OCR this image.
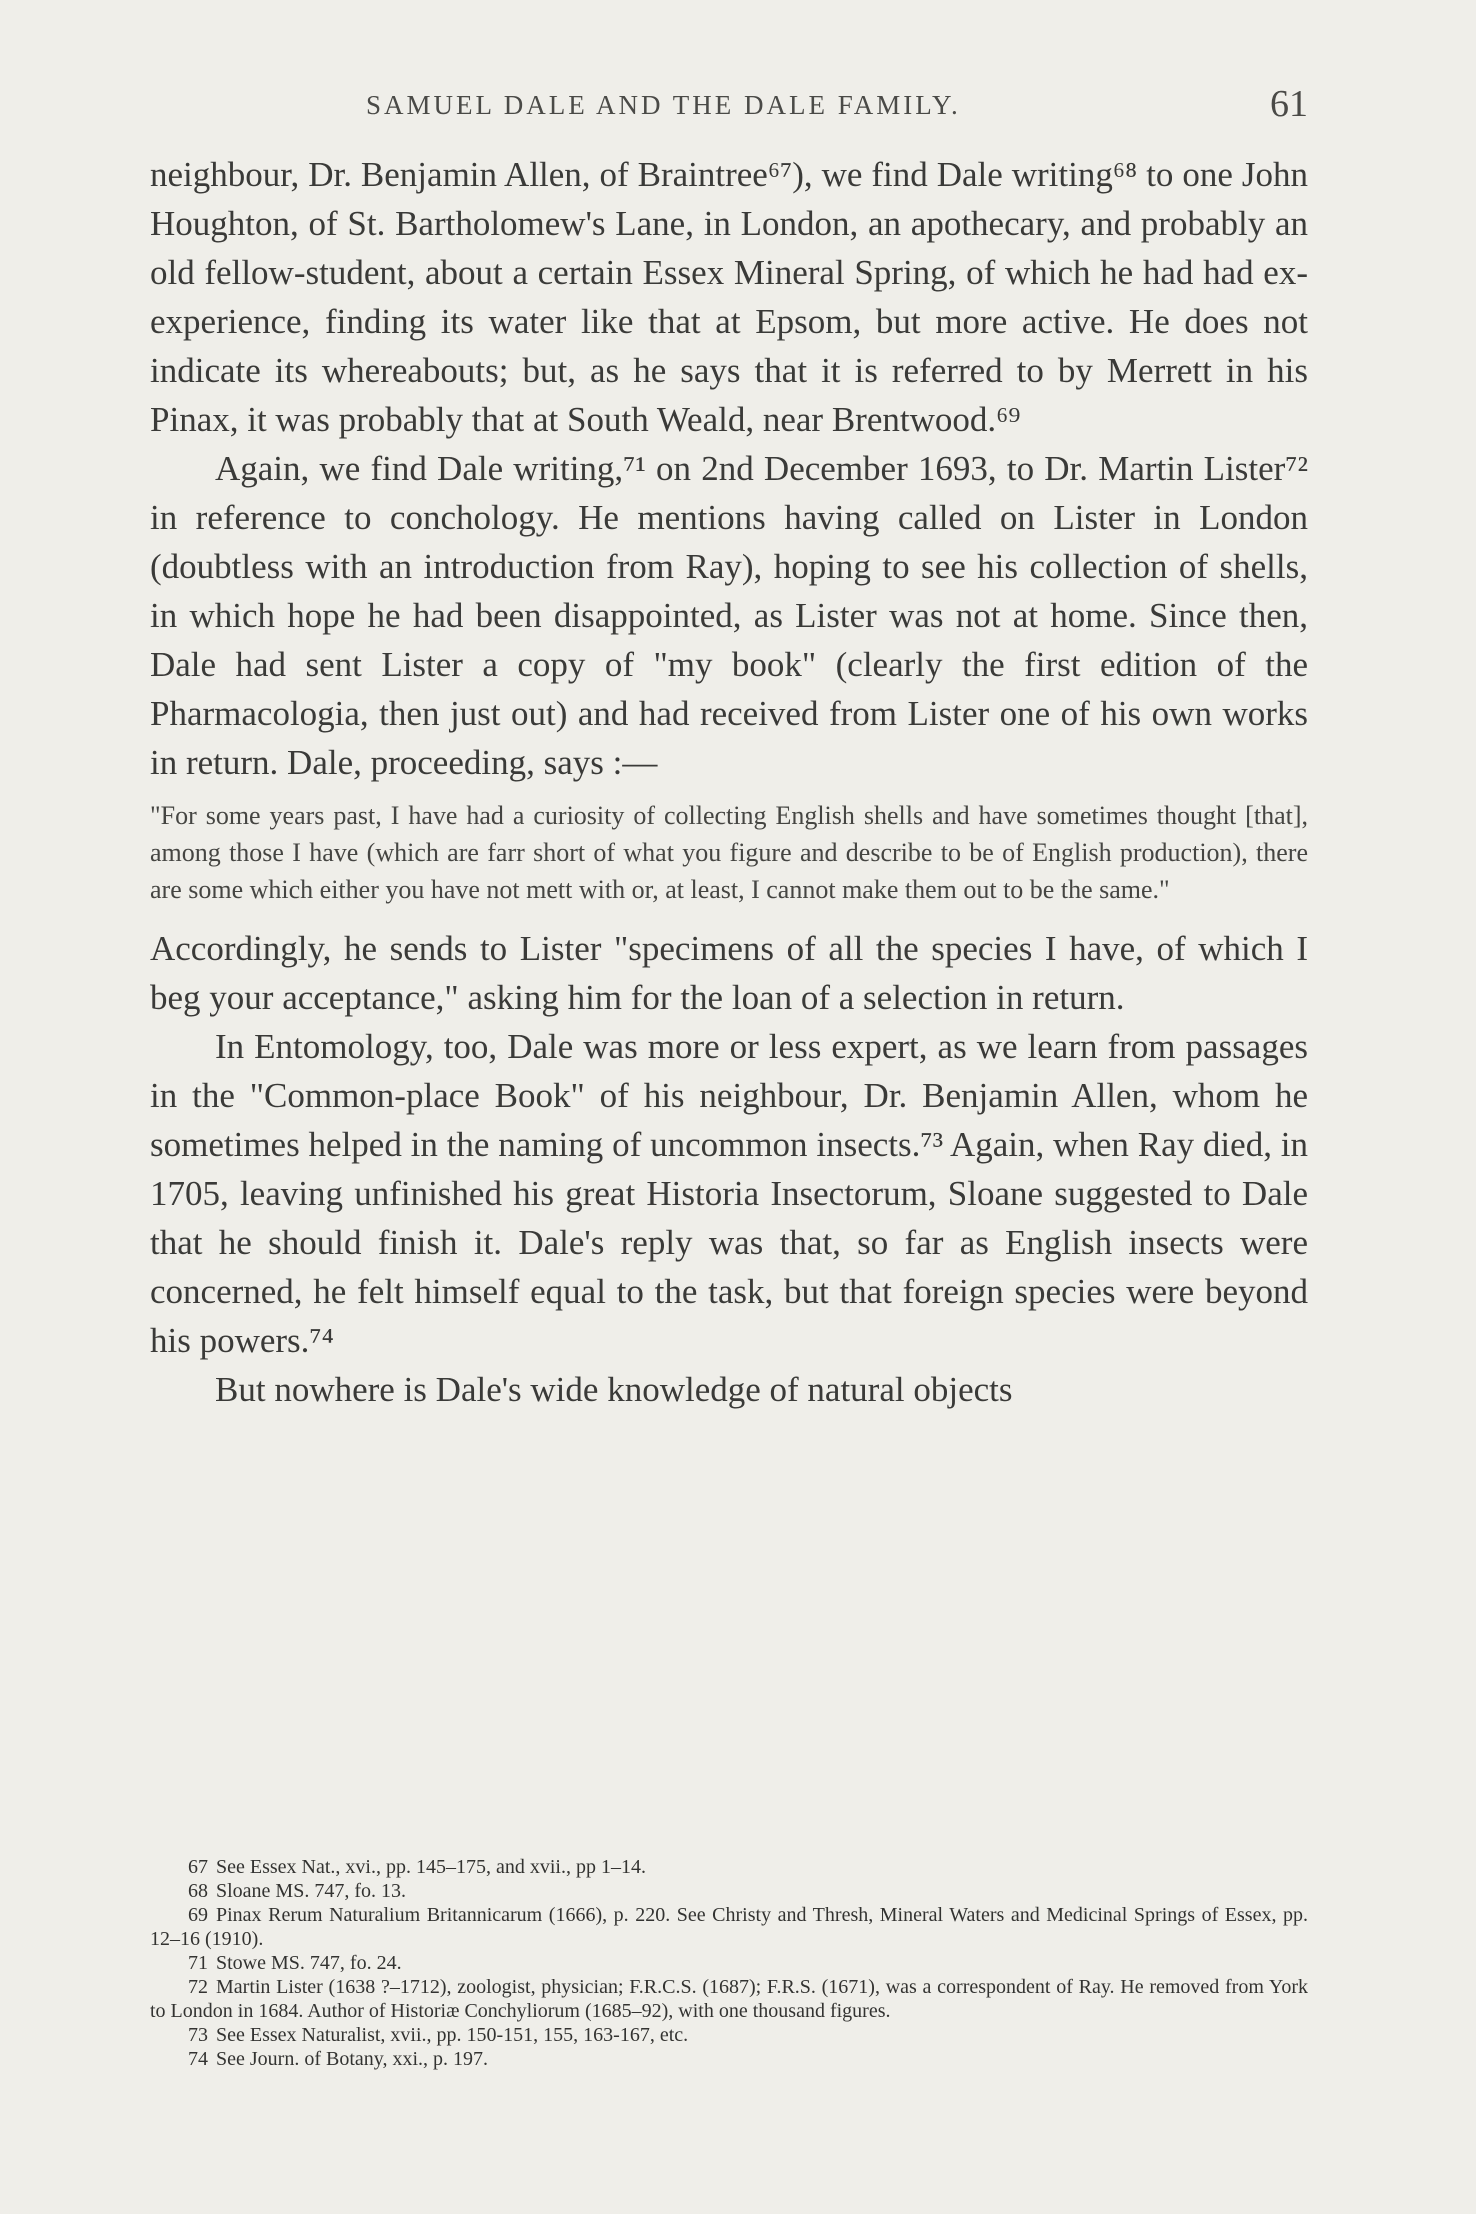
SAMUEL DALE AND THE DALE FAMILY.	61

neighbour, Dr. Benjamin Allen, of Braintree⁶⁷), we find Dale writing⁶⁸ to one John Houghton, of St. Bartholomew's Lane, in London, an apothecary, and probably an old fellow-student, about a certain Essex Mineral Spring, of which he had had ex-experience, finding its water like that at Epsom, but more active. He does not indicate its whereabouts; but, as he says that it is referred to by Merrett in his Pinax, it was probably that at South Weald, near Brentwood.⁶⁹

Again, we find Dale writing,⁷¹ on 2nd December 1693, to Dr. Martin Lister⁷² in reference to conchology. He mentions having called on Lister in London (doubtless with an introduction from Ray), hoping to see his collection of shells, in which hope he had been disappointed, as Lister was not at home. Since then, Dale had sent Lister a copy of "my book" (clearly the first edition of the Pharmacologia, then just out) and had received from Lister one of his own works in return. Dale, proceeding, says :—

"For some years past, I have had a curiosity of collecting English shells and have sometimes thought [that], among those I have (which are farr short of what you figure and describe to be of English production), there are some which either you have not mett with or, at least, I cannot make them out to be the same."

Accordingly, he sends to Lister "specimens of all the species I have, of which I beg your acceptance," asking him for the loan of a selection in return.

In Entomology, too, Dale was more or less expert, as we learn from passages in the "Common-place Book" of his neighbour, Dr. Benjamin Allen, whom he sometimes helped in the naming of uncommon insects.⁷³ Again, when Ray died, in 1705, leaving unfinished his great Historia Insectorum, Sloane suggested to Dale that he should finish it. Dale's reply was that, so far as English insects were concerned, he felt himself equal to the task, but that foreign species were beyond his powers.⁷⁴

But nowhere is Dale's wide knowledge of natural objects

67 See Essex Nat., xvi., pp. 145–175, and xvii., pp 1–14.

68 Sloane MS. 747, fo. 13.

69 Pinax Rerum Naturalium Britannicarum (1666), p. 220. See Christy and Thresh, Mineral Waters and Medicinal Springs of Essex, pp. 12–16 (1910).

71 Stowe MS. 747, fo. 24.

72 Martin Lister (1638 ?–1712), zoologist, physician; F.R.C.S. (1687); F.R.S. (1671), was a correspondent of Ray. He removed from York to London in 1684. Author of Historiæ Conchyliorum (1685–92), with one thousand figures.

73 See Essex Naturalist, xvii., pp. 150-151, 155, 163-167, etc.

74 See Journ. of Botany, xxi., p. 197.
